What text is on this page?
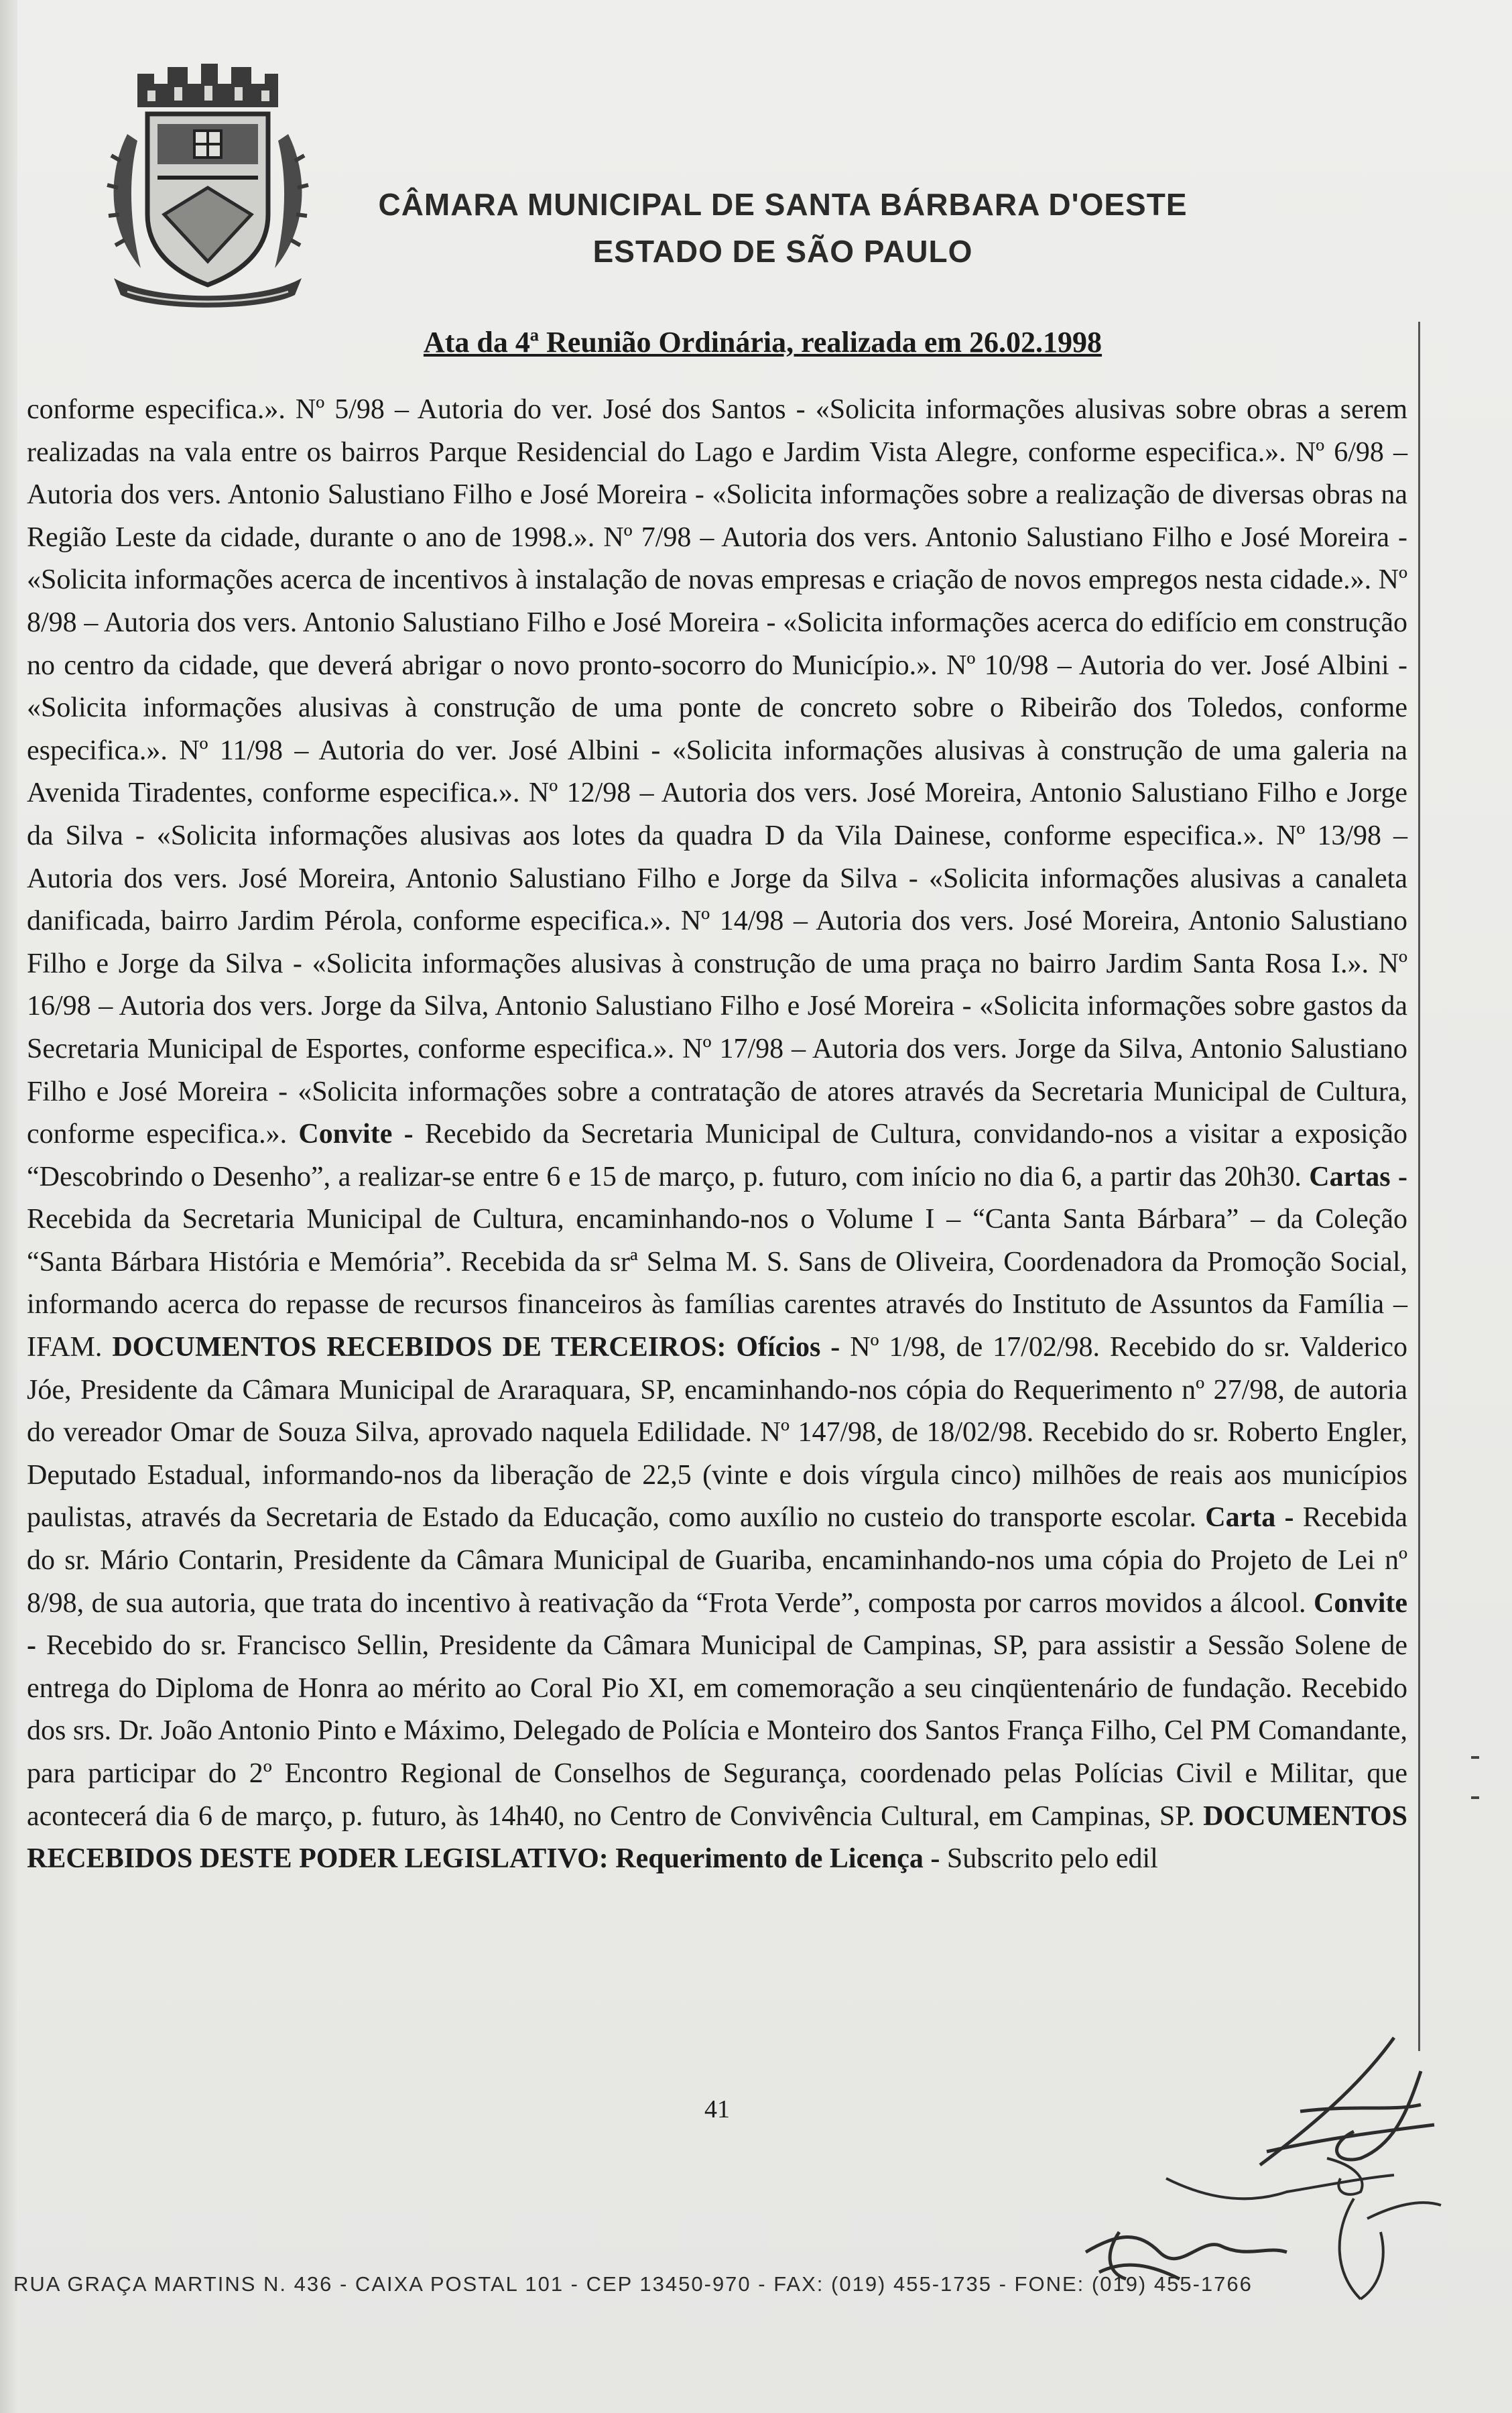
CÂMARA MUNICIPAL DE SANTA BÁRBARA D'OESTE
ESTADO DE SÃO PAULO
Ata da 4ª Reunião Ordinária, realizada em 26.02.1998

conforme especifica.». Nº 5/98 – Autoria do ver. José dos Santos - «Solicita informações alusivas sobre obras a serem realizadas na vala entre os bairros Parque Residencial do Lago e Jardim Vista Alegre, conforme especifica.». Nº 6/98 – Autoria dos vers. Antonio Salustiano Filho e José Moreira - «Solicita informações sobre a realização de diversas obras na Região Leste da cidade, durante o ano de 1998.». Nº 7/98 – Autoria dos vers. Antonio Salustiano Filho e José Moreira - «Solicita informações acerca de incentivos à instalação de novas empresas e criação de novos empregos nesta cidade.». Nº 8/98 – Autoria dos vers. Antonio Salustiano Filho e José Moreira - «Solicita informações acerca do edifício em construção no centro da cidade, que deverá abrigar o novo pronto-socorro do Município.». Nº 10/98 – Autoria do ver. José Albini - «Solicita informações alusivas à construção de uma ponte de concreto sobre o Ribeirão dos Toledos, conforme especifica.». Nº 11/98 – Autoria do ver. José Albini - «Solicita informações alusivas à construção de uma galeria na Avenida Tiradentes, conforme especifica.». Nº 12/98 – Autoria dos vers. José Moreira, Antonio Salustiano Filho e Jorge da Silva - «Solicita informações alusivas aos lotes da quadra D da Vila Dainese, conforme especifica.». Nº 13/98 – Autoria dos vers. José Moreira, Antonio Salustiano Filho e Jorge da Silva - «Solicita informações alusivas a canaleta danificada, bairro Jardim Pérola, conforme especifica.». Nº 14/98 – Autoria dos vers. José Moreira, Antonio Salustiano Filho e Jorge da Silva - «Solicita informações alusivas à construção de uma praça no bairro Jardim Santa Rosa I.». Nº 16/98 – Autoria dos vers. Jorge da Silva, Antonio Salustiano Filho e José Moreira - «Solicita informações sobre gastos da Secretaria Municipal de Esportes, conforme especifica.». Nº 17/98 – Autoria dos vers. Jorge da Silva, Antonio Salustiano Filho e José Moreira - «Solicita informações sobre a contratação de atores através da Secretaria Municipal de Cultura, conforme especifica.». Convite - Recebido da Secretaria Municipal de Cultura, convidando-nos a visitar a exposição “Descobrindo o Desenho”, a realizar-se entre 6 e 15 de março, p. futuro, com início no dia 6, a partir das 20h30. Cartas - Recebida da Secretaria Municipal de Cultura, encaminhando-nos o Volume I – “Canta Santa Bárbara” – da Coleção “Santa Bárbara História e Memória”. Recebida da srª Selma M. S. Sans de Oliveira, Coordenadora da Promoção Social, informando acerca do repasse de recursos financeiros às famílias carentes através do Instituto de Assuntos da Família – IFAM. DOCUMENTOS RECEBIDOS DE TERCEIROS: Ofícios - Nº 1/98, de 17/02/98. Recebido do sr. Valderico Jóe, Presidente da Câmara Municipal de Araraquara, SP, encaminhando-nos cópia do Requerimento nº 27/98, de autoria do vereador Omar de Souza Silva, aprovado naquela Edilidade. Nº 147/98, de 18/02/98. Recebido do sr. Roberto Engler, Deputado Estadual, informando-nos da liberação de 22,5 (vinte e dois vírgula cinco) milhões de reais aos municípios paulistas, através da Secretaria de Estado da Educação, como auxílio no custeio do transporte escolar. Carta - Recebida do sr. Mário Contarin, Presidente da Câmara Municipal de Guariba, encaminhando-nos uma cópia do Projeto de Lei nº 8/98, de sua autoria, que trata do incentivo à reativação da “Frota Verde”, composta por carros movidos a álcool. Convite - Recebido do sr. Francisco Sellin, Presidente da Câmara Municipal de Campinas, SP, para assistir a Sessão Solene de entrega do Diploma de Honra ao mérito ao Coral Pio XI, em comemoração a seu cinqüentenário de fundação. Recebido dos srs. Dr. João Antonio Pinto e Máximo, Delegado de Polícia e Monteiro dos Santos França Filho, Cel PM Comandante, para participar do 2º Encontro Regional de Conselhos de Segurança, coordenado pelas Polícias Civil e Militar, que acontecerá dia 6 de março, p. futuro, às 14h40, no Centro de Convivência Cultural, em Campinas, SP. DOCUMENTOS RECEBIDOS DESTE PODER LEGISLATIVO: Requerimento de Licença - Subscrito pelo edil

41
RUA GRAÇA MARTINS N. 436 - CAIXA POSTAL 101 - CEP 13450-970 - FAX: (019) 455-1735 - FONE: (019) 455-1766
